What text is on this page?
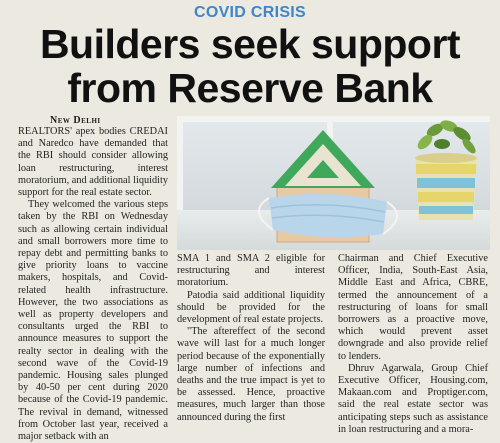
COVID CRISIS
Builders seek support
from Reserve Bank
New Delhi

REALTORS' apex bodies CREDAI and Naredco have demanded that the RBI should consider allowing loan restructuring, interest moratorium, and additional liquidity support for the real estate sector.

They welcomed the various steps taken by the RBI on Wednesday such as allowing certain individual and small borrowers more time to repay debt and permitting banks to give priority loans to vaccine makers, hospitals, and Covid-related health infrastructure. However, the two associations as well as property developers and consultants urged the RBI to announce measures to support the realty sector in dealing with the second wave of the Covid-19 pandemic. Housing sales plunged by 40-50 per cent during 2020 because of the Covid-19 pandemic. The revival in demand, witnessed from October last year, received a major setback with an

SMA 1 and SMA 2 eligible for restructuring and interest moratorium.

Patodia said additional liquidity should be provided for the development of real estate projects.

"The aftereffect of the second wave will last for a much longer period because of the exponentially large number of infections and deaths and the true impact is yet to be assessed. Hence, proactive measures, much larger than those announced during the first

Chairman and Chief Executive Officer, India, South-East Asia, Middle East and Africa, CBRE, termed the announcement of a restructuring of loans for small borrowers as a proactive move, which would prevent asset downgrade and also provide relief to lenders.

Dhruv Agarwala, Group Chief Executive Officer, Housing.com, Makaan.com and Proptiger.com, said the real estate sector was anticipating steps such as assistance in loan restructuring and a mora-
